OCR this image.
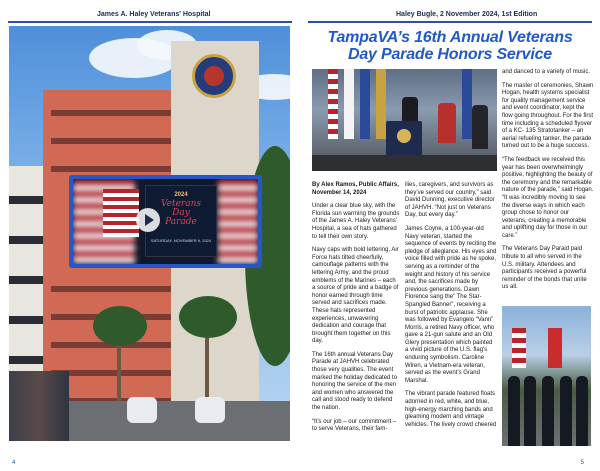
James A. Haley Veterans' Hospital
2024
Veterans
Day
Parade
SATURDAY, NOVEMBER 9, 2024
4
Haley Bugle, 2 November 2024, 1st Edition
TampaVA’s 16th Annual Veterans
Day Parade Honors Service

By Alex Ramos, Public Affairs, November 14, 2024

Under a clear blue sky, with the Florida sun warming the grounds of the James A. Haley Veterans’ Hospital, a sea of hats gathered to tell their own story.

Navy caps with bold lettering, Air Force hats tilted cheerfully, camouflage patterns with the lettering Army, and the proud emblems of the Marines – each a source of pride and a badge of honor earned through time served and sacrifices made. These hats represented experiences, unwavering dedication and courage that brought them together on this day.

The 16th annual Veterans Day Parade at JAHVH celebrated those very qualities. The event marked the holiday dedicated to honoring the service of the men and women who answered the call and stood ready to defend the nation.

“It’s our job – our commitment – to serve Veterans, their fam-

ilies, caregivers, and survivors as they’ve served our country,” said David Dunning, executive director of JAHVH. “Not just on Veterans Day, but every day.”

James Coyne, a 100-year-old Navy veteran, started the sequence of events by reciting the pledge of allegiance. His eyes and voice filled with pride as he spoke, serving as a reminder of the weight and history of his service and, the sacrifices made by previous generations. Dawn Florence sang the” The Star-Spangled Banner”, receiving a burst of patriotic applause. She was followed by Evangelo “Vann” Morris, a retired Navy officer, who gave a 21-gun salute and an Old Glery presentation which painted a vivid picture of the U.S. flag’s enduring symbolism. Caroline Wiren, a Vietnam-era veteran, served as the event’s Grand Marshal.

The vibrant parade featured floats adorned in red, white, and blue, high-energy marching bands and gleaming modern and vintage vehicles. The lively crowd cheered

and danced to a variety of music.

The master of ceremonies, Shawn Hogan, health systems specialist for quality management service and event coordinator, kept the flow going throughout. For the first time including a scheduled flyover of a KC- 135 Stratotanker – an aerial refueling tanker, the parade turned out to be a huge success.

“The feedback we received this year has been overwhelmingly positive, highlighting the beauty of the ceremony and the remarkable nature of the parade,” said Hogan. “It was incredibly moving to see the diverse ways in which each group chose to honor our veterans, creating a memorable and uplifting day for those in our care.”

The Veterans Day Paraid paid tribute to all who served in the U.S. military. Attendees and participants received a powerful reminder of the bonds that unite us all.

5
